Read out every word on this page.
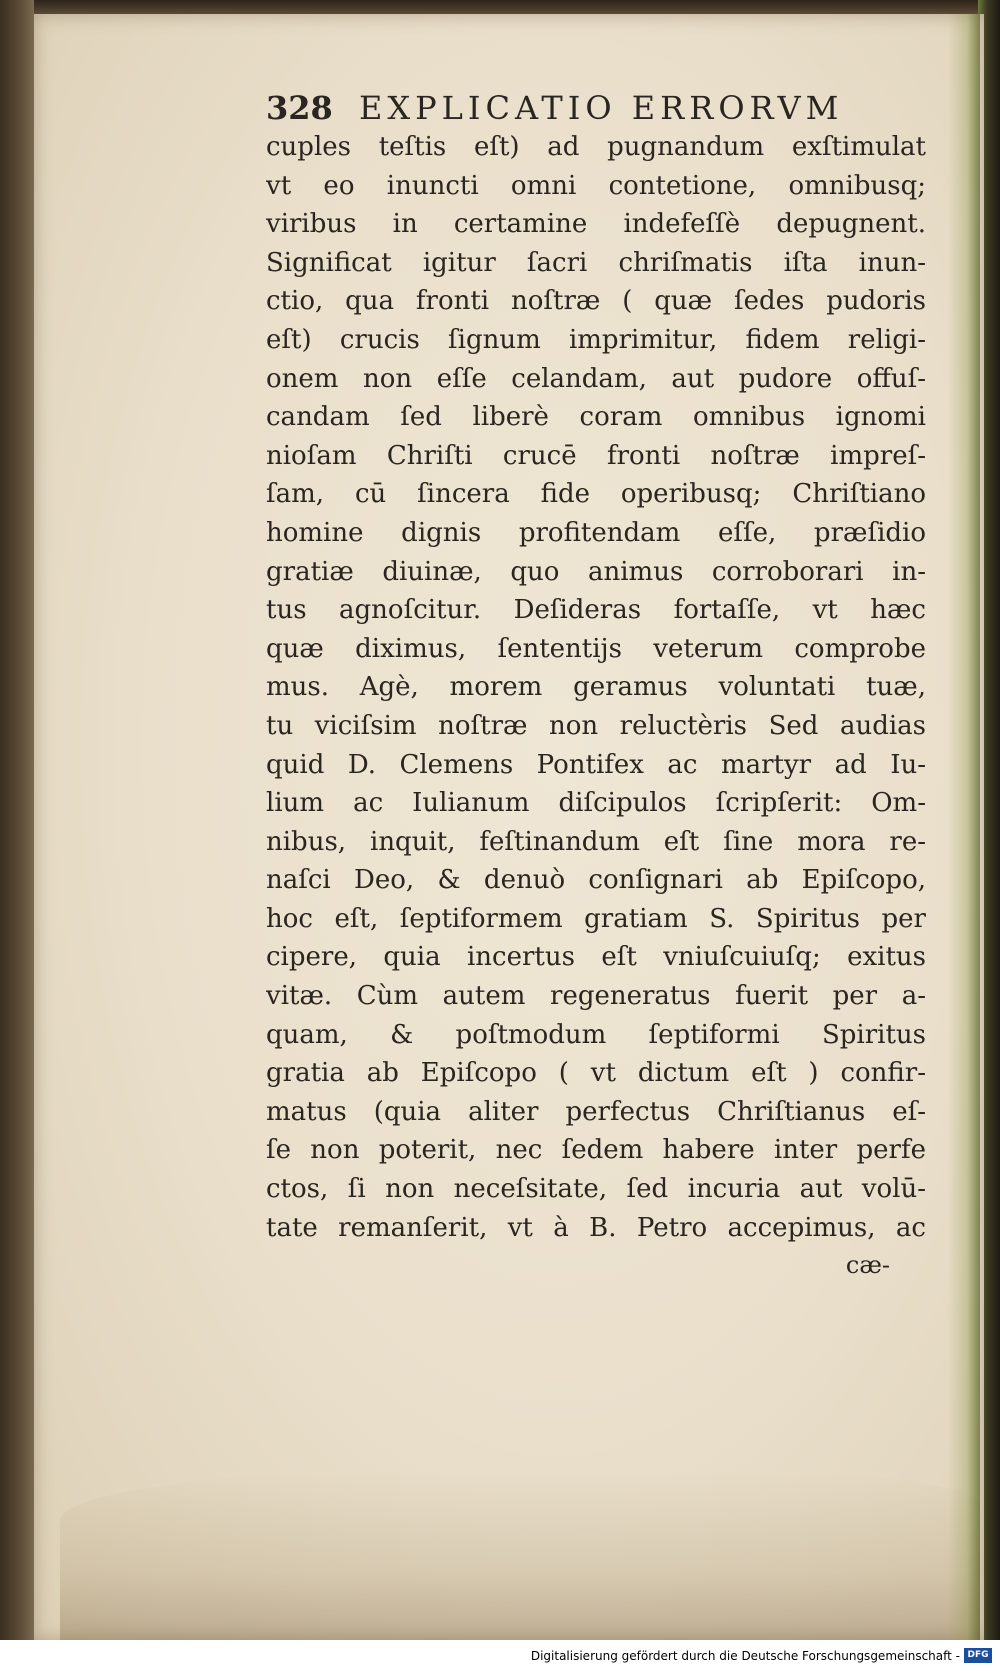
328 EXPLICATIO ERRORVM
cuples teſtis eſt) ad pugnandum exſtimulat
vt eo inuncti omni contetione, omnibusq;
viribus in certamine indefeſſè depugnent.
Significat igitur ſacri chriſmatis iſta inun-
ctio, qua fronti noſtræ ( quæ ſedes pudoris
eſt) crucis ſignum imprimitur, fidem religi-
onem non eſſe celandam, aut pudore offuſ-
candam ſed liberè coram omnibus ignomi
nioſam Chriſti crucē fronti noſtræ impreſ-
ſam, cū ſincera fide operibusq; Chriſtiano
homine dignis profitendam eſſe, præſidio
gratiæ diuinæ, quo animus corroborari in-
tus agnoſcitur. Deſideras fortaſſe, vt hæc
quæ diximus, ſententijs veterum comprobe
mus. Agè, morem geramus voluntati tuæ,
tu viciſsim noſtræ non reluctèris Sed audias
quid D. Clemens Pontifex ac martyr ad Iu-
lium ac Iulianum diſcipulos ſcripſerit: Om-
nibus, inquit, feſtinandum eſt ſine mora re-
naſci Deo, & denuò conſignari ab Epiſcopo,
hoc eſt, ſeptiformem gratiam S. Spiritus per
cipere, quia incertus eſt vniuſcuiuſq; exitus
vitæ. Cùm autem regeneratus fuerit per a-
quam, & poſtmodum ſeptiformi Spiritus
gratia ab Epiſcopo ( vt dictum eſt ) confir-
matus (quia aliter perfectus Chriſtianus eſ-
ſe non poterit, nec ſedem habere inter perfe
ctos, ſi non neceſsitate, ſed incuria aut volū-
tate remanſerit, vt à B. Petro accepimus, ac
cæ-
Digitalisierung gefördert durch die Deutsche Forschungsgemeinschaft - DFG
